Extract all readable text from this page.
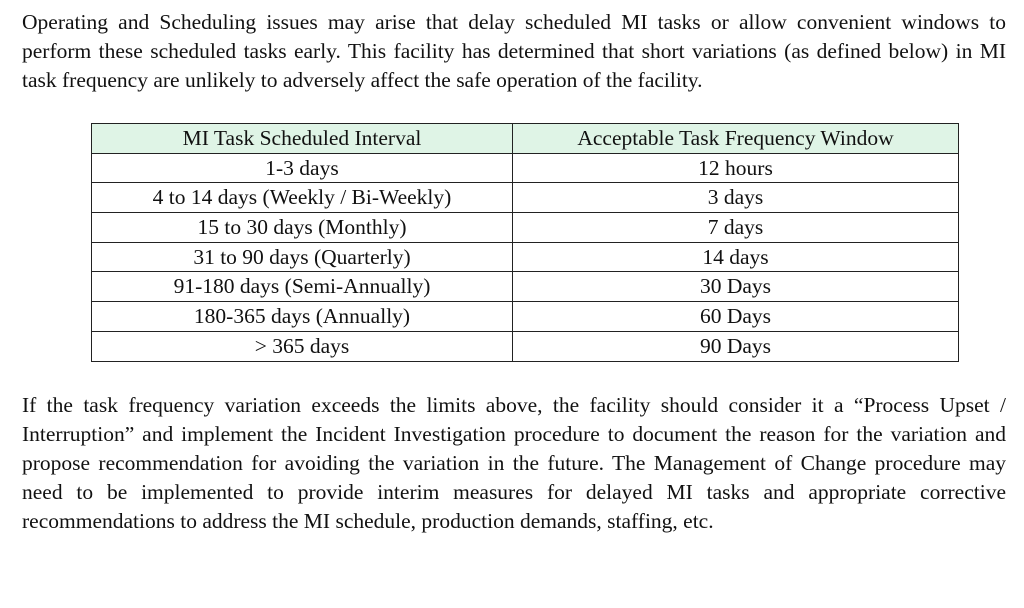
Operating and Scheduling issues may arise that delay scheduled MI tasks or allow convenient windows to perform these scheduled tasks early. This facility has determined that short variations (as defined below) in MI task frequency are unlikely to adversely affect the safe operation of the facility.

MI Task Scheduled Interval	Acceptable Task Frequency Window
1-3 days	12 hours
4 to 14 days (Weekly / Bi-Weekly)	3 days
15 to 30 days (Monthly)	7 days
31 to 90 days (Quarterly)	14 days
91-180 days (Semi-Annually)	30 Days
180-365 days (Annually)	60 Days
> 365 days	90 Days

If the task frequency variation exceeds the limits above, the facility should consider it a “Process Upset / Interruption” and implement the Incident Investigation procedure to document the reason for the variation and propose recommendation for avoiding the variation in the future. The Management of Change procedure may need to be implemented to provide interim measures for delayed MI tasks and appropriate corrective recommendations to address the MI schedule, production demands, staffing, etc.
